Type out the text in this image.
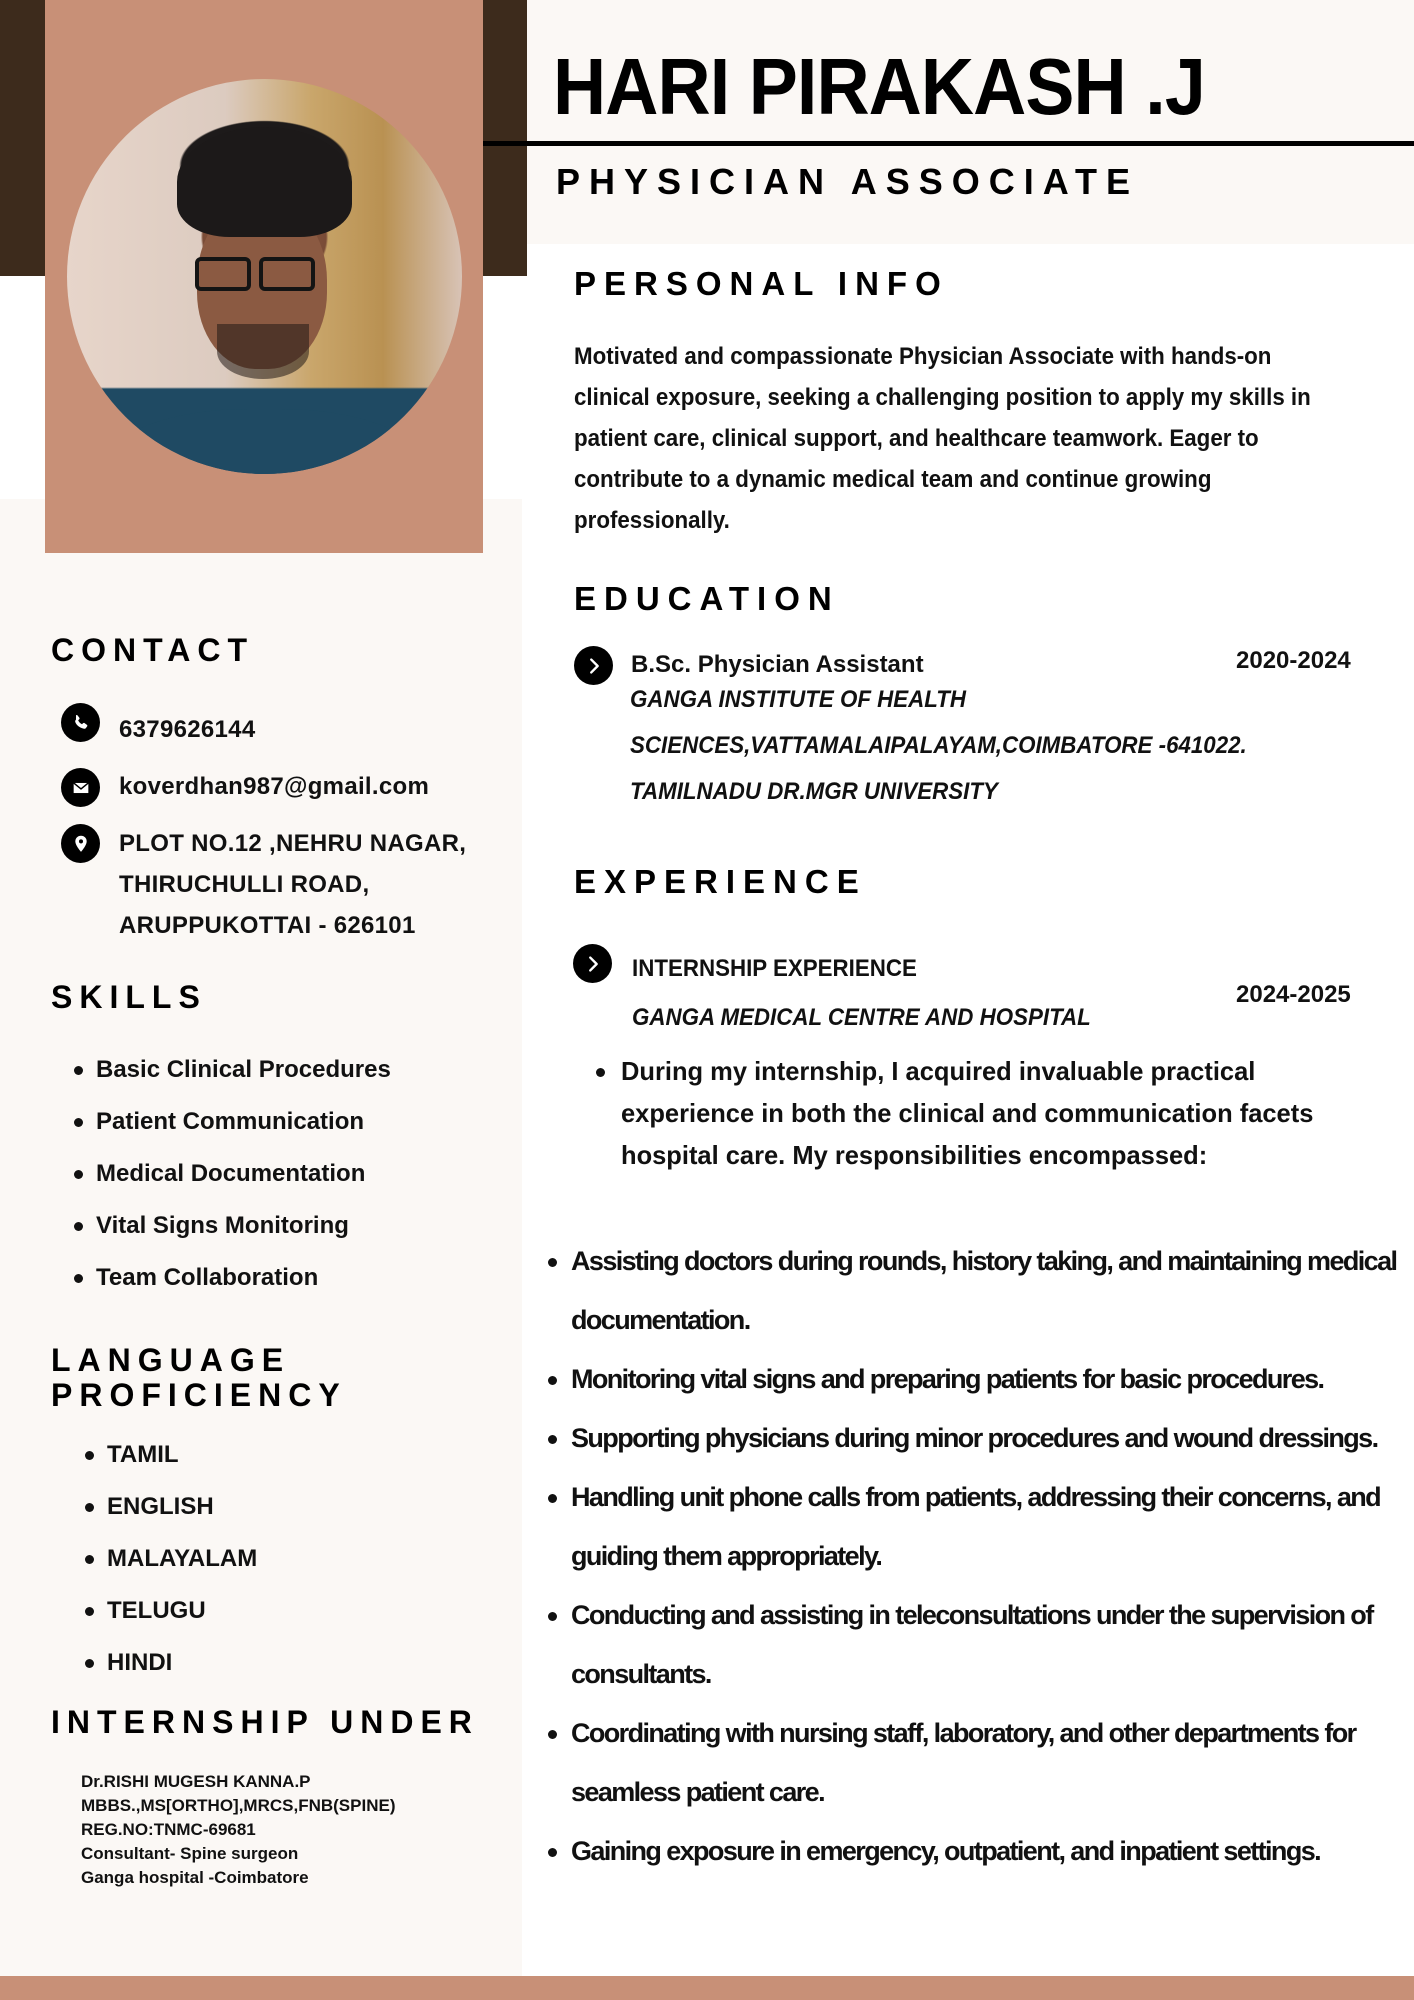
HARI PIRAKASH .J
PHYSICIAN ASSOCIATE
PERSONAL INFO
Motivated and compassionate Physician Associate with hands-on clinical exposure, seeking a challenging position to apply my skills in patient care, clinical support, and healthcare teamwork. Eager to contribute to a dynamic medical team and continue growing professionally.
EDUCATION
B.Sc. Physician Assistant	2020-2024
GANGA INSTITUTE OF HEALTH
SCIENCES,VATTAMALAIPALAYAM,COIMBATORE -641022.
TAMILNADU DR.MGR UNIVERSITY
EXPERIENCE
INTERNSHIP EXPERIENCE
2024-2025
GANGA MEDICAL CENTRE AND HOSPITAL
During my internship, I acquired invaluable practical experience in both the clinical and communication facets hospital care. My responsibilities encompassed:
Assisting doctors during rounds, history taking, and maintaining medical documentation.
Monitoring vital signs and preparing patients for basic procedures.
Supporting physicians during minor procedures and wound dressings.
Handling unit phone calls from patients, addressing their concerns, and guiding them appropriately.
Conducting and assisting in teleconsultations under the supervision of consultants.
Coordinating with nursing staff, laboratory, and other departments for seamless patient care.
Gaining exposure in emergency, outpatient, and inpatient settings.
CONTACT
6379626144
koverdhan987@gmail.com
PLOT NO.12 ,NEHRU NAGAR,
THIRUCHULLI ROAD,
ARUPPUKOTTAI - 626101
SKILLS
Basic Clinical Procedures
Patient Communication
Medical Documentation
Vital Signs Monitoring
Team Collaboration
LANGUAGE
PROFICIENCY
TAMIL
ENGLISH
MALAYALAM
TELUGU
HINDI
INTERNSHIP UNDER
Dr.RISHI MUGESH KANNA.P
MBBS.,MS[ORTHO],MRCS,FNB(SPINE)
REG.NO:TNMC-69681
Consultant- Spine surgeon
Ganga hospital -Coimbatore
